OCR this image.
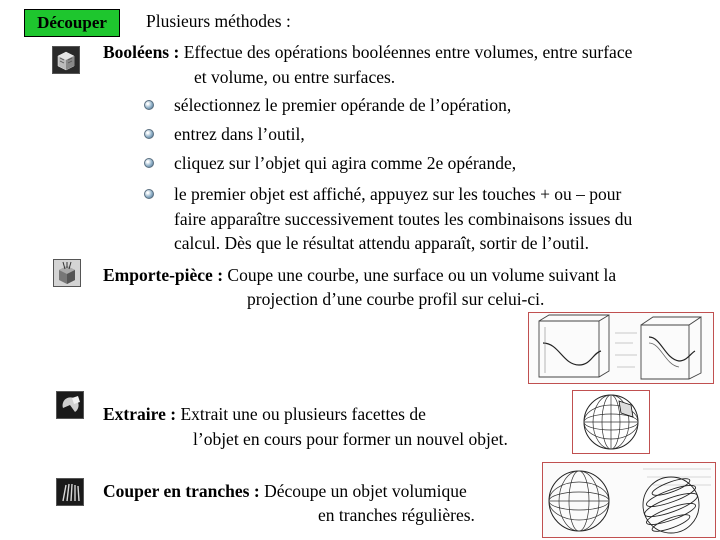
Découper	Plusieurs méthodes :
Booléens : Effectue des opérations booléennes entre volumes, entre surface
et volume, ou entre surfaces.
sélectionnez le premier opérande de l’opération,
entrez dans l’outil,
cliquez sur l’objet qui agira comme 2e opérande,
le premier objet est affiché, appuyez sur les touches + ou – pour
faire apparaître successivement toutes les combinaisons issues du
calcul. Dès que le résultat attendu apparaît, sortir de l’outil.
Emporte-pièce : Coupe une courbe, une surface ou un volume suivant la
projection d’une courbe profil sur celui-ci.
Extraire : Extrait une ou plusieurs facettes de
l’objet en cours pour former un nouvel objet.
Couper en tranches : Découpe un objet volumique
en tranches régulières.
